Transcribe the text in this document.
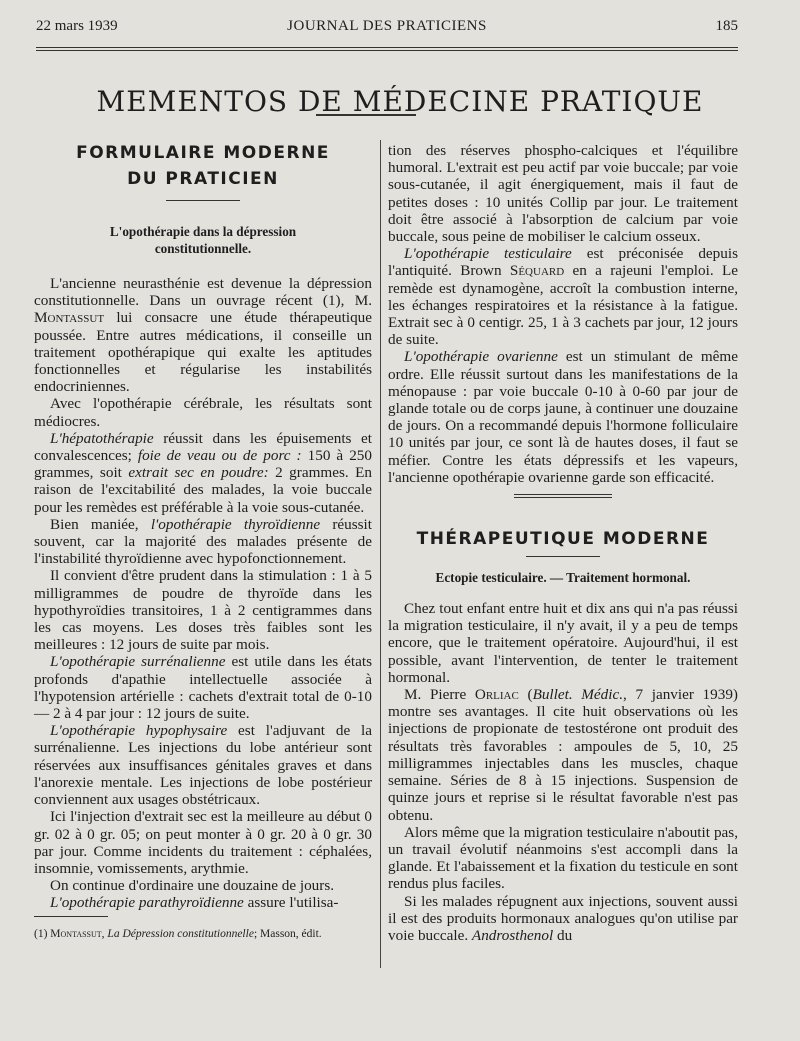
22 mars 1939	JOURNAL DES PRATICIENS	185
MEMENTOS DE MÉDECINE PRATIQUE
FORMULAIRE MODERNE
DU PRATICIEN
L'opothérapie dans la dépression constitutionnelle.

L'ancienne neurasthénie est devenue la dépression constitutionnelle. Dans un ouvrage récent (1), M. Montassut lui consacre une étude thérapeutique poussée. Entre autres médications, il conseille un traitement opothérapique qui exalte les aptitudes fonctionnelles et régularise les instabilités endocriniennes.

Avec l'opothérapie cérébrale, les résultats sont médiocres.

L'hépatothérapie réussit dans les épuisements et convalescences; foie de veau ou de porc : 150 à 250 grammes, soit extrait sec en poudre: 2 grammes. En raison de l'excitabilité des malades, la voie buccale pour les remèdes est préférable à la voie sous-cutanée.

Bien maniée, l'opothérapie thyroïdienne réussit souvent, car la majorité des malades présente de l'instabilité thyroïdienne avec hypofonctionnement.

Il convient d'être prudent dans la stimulation : 1 à 5 milligrammes de poudre de thyroïde dans les hypothyroïdies transitoires, 1 à 2 centigrammes dans les cas moyens. Les doses très faibles sont les meilleures : 12 jours de suite par mois.

L'opothérapie surrénalienne est utile dans les états profonds d'apathie intellectuelle associée à l'hypotension artérielle : cachets d'extrait total de 0-10 — 2 à 4 par jour : 12 jours de suite.

L'opothérapie hypophysaire est l'adjuvant de la surrénalienne. Les injections du lobe antérieur sont réservées aux insuffisances génitales graves et dans l'anorexie mentale. Les injections de lobe postérieur conviennent aux usages obstétricaux.

Ici l'injection d'extrait sec est la meilleure au début 0 gr. 02 à 0 gr. 05; on peut monter à 0 gr. 20 à 0 gr. 30 par jour. Comme incidents du traitement : céphalées, insomnie, vomissements, arythmie.

On continue d'ordinaire une douzaine de jours.

L'opothérapie parathyroïdienne assure l'utilisa-

(1) Montassut, La Dépression constitutionnelle; Masson, édit.

tion des réserves phospho-calciques et l'équilibre humoral. L'extrait est peu actif par voie buccale; par voie sous-cutanée, il agit énergiquement, mais il faut de petites doses : 10 unités Collip par jour. Le traitement doit être associé à l'absorption de calcium par voie buccale, sous peine de mobiliser le calcium osseux.

L'opothérapie testiculaire est préconisée depuis l'antiquité. Brown Séquard en a rajeuni l'emploi. Le remède est dynamogène, accroît la combustion interne, les échanges respiratoires et la résistance à la fatigue. Extrait sec à 0 centigr. 25, 1 à 3 cachets par jour, 12 jours de suite.

L'opothérapie ovarienne est un stimulant de même ordre. Elle réussit surtout dans les manifestations de la ménopause : par voie buccale 0-10 à 0-60 par jour de glande totale ou de corps jaune, à continuer une douzaine de jours. On a recommandé depuis l'hormone folliculaire 10 unités par jour, ce sont là de hautes doses, il faut se méfier. Contre les états dépressifs et les vapeurs, l'ancienne opothérapie ovarienne garde son efficacité.

THÉRAPEUTIQUE MODERNE
Ectopie testiculaire. — Traitement hormonal.

Chez tout enfant entre huit et dix ans qui n'a pas réussi la migration testiculaire, il n'y avait, il y a peu de temps encore, que le traitement opératoire. Aujourd'hui, il est possible, avant l'intervention, de tenter le traitement hormonal.

M. Pierre Orliac (Bullet. Médic., 7 janvier 1939) montre ses avantages. Il cite huit observations où les injections de propionate de testostérone ont produit des résultats très favorables : ampoules de 5, 10, 25 milligrammes injectables dans les muscles, chaque semaine. Séries de 8 à 15 injections. Suspension de quinze jours et reprise si le résultat favorable n'est pas obtenu.

Alors même que la migration testiculaire n'aboutit pas, un travail évolutif néanmoins s'est accompli dans la glande. Et l'abaissement et la fixation du testicule en sont rendus plus faciles.

Si les malades répugnent aux injections, souvent aussi il est des produits hormonaux analogues qu'on utilise par voie buccale. Androsthenol du
